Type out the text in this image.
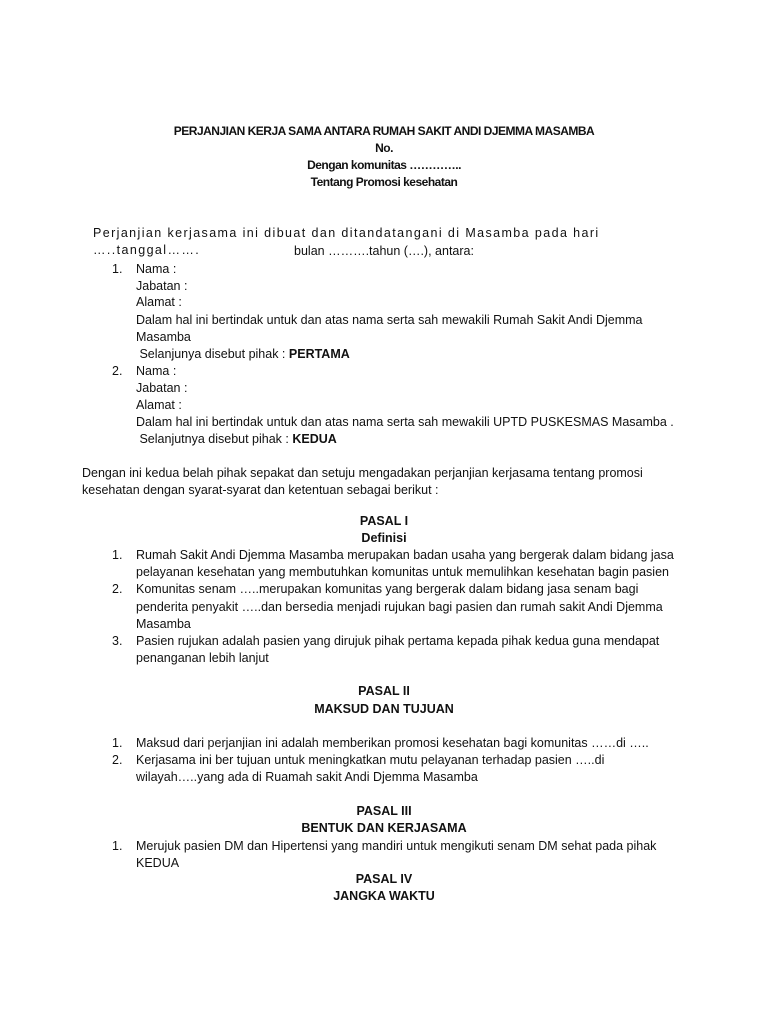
PERJANJIAN KERJA SAMA ANTARA RUMAH SAKIT ANDI DJEMMA MASAMBA
No.
Dengan komunitas …………..
Tentang Promosi kesehatan
Perjanjian kerjasama ini dibuat dan ditandatangani di Masamba pada hari …..tanggal…….	bulan ……….tahun (….), antara:
1. Nama :
Jabatan :
Alamat :
Dalam hal ini bertindak untuk dan atas nama serta sah mewakili Rumah Sakit Andi Djemma
Masamba
Selanjunya disebut pihak : PERTAMA
2. Nama :
Jabatan :
Alamat :
Dalam hal ini bertindak untuk dan atas nama serta sah mewakili UPTD PUSKESMAS Masamba .
Selanjutnya disebut pihak : KEDUA
Dengan ini kedua belah pihak sepakat dan setuju mengadakan perjanjian kerjasama tentang promosi
kesehatan dengan syarat-syarat dan ketentuan sebagai berikut :
PASAL I
Definisi
1. Rumah Sakit Andi Djemma Masamba merupakan badan usaha yang bergerak dalam bidang jasa
pelayanan kesehatan yang membutuhkan komunitas untuk memulihkan kesehatan bagin pasien
2. Komunitas senam …..merupakan komunitas yang bergerak dalam bidang jasa senam bagi
penderita penyakit …..dan bersedia menjadi rujukan bagi pasien dan rumah sakit Andi Djemma
Masamba
3. Pasien rujukan adalah pasien yang dirujuk pihak pertama kepada pihak kedua guna mendapat
penanganan lebih lanjut
PASAL II
MAKSUD DAN TUJUAN
1. Maksud dari perjanjian ini adalah memberikan promosi kesehatan bagi komunitas ……di …..
2. Kerjasama ini ber tujuan untuk meningkatkan mutu pelayanan terhadap pasien …..di
wilayah…..yang ada di Ruamah sakit Andi Djemma Masamba
PASAL III
BENTUK DAN KERJASAMA
1. Merujuk pasien DM dan Hipertensi yang mandiri untuk mengikuti senam DM sehat pada pihak
KEDUA
PASAL IV
JANGKA WAKTU
